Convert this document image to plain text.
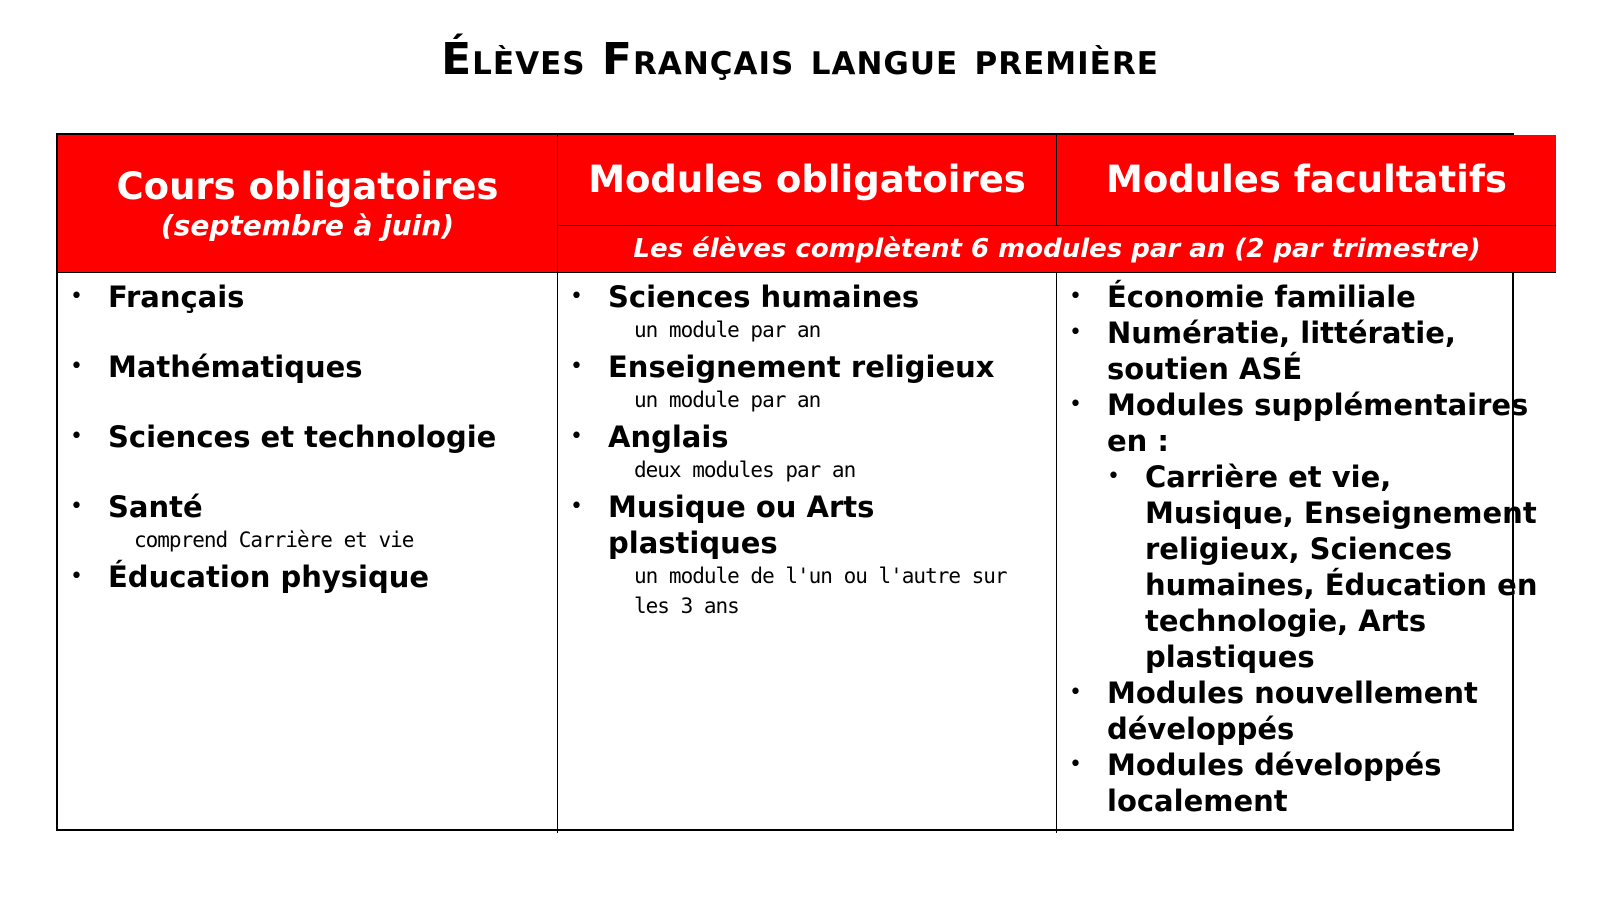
Élèves Français langue première
Cours obligatoires
(septembre à juin)
Modules obligatoires Modules facultatifs
Les élèves complètent 6 modules par an (2 par trimestre)
• Français
• Mathématiques
• Sciences et technologie
• Santé
comprend Carrière et vie
• Éducation physique
• Sciences humaines
un module par an
• Enseignement religieux
un module par an
• Anglais
deux modules par an
• Musique ou Arts plastiques
un module de l'un ou l'autre sur les 3 ans
• Économie familiale
• Numératie, littératie, soutien ASÉ
• Modules supplémentaires en :
• Carrière et vie, Musique, Enseignement religieux, Sciences humaines, Éducation en technologie, Arts plastiques
• Modules nouvellement développés
• Modules développés localement
